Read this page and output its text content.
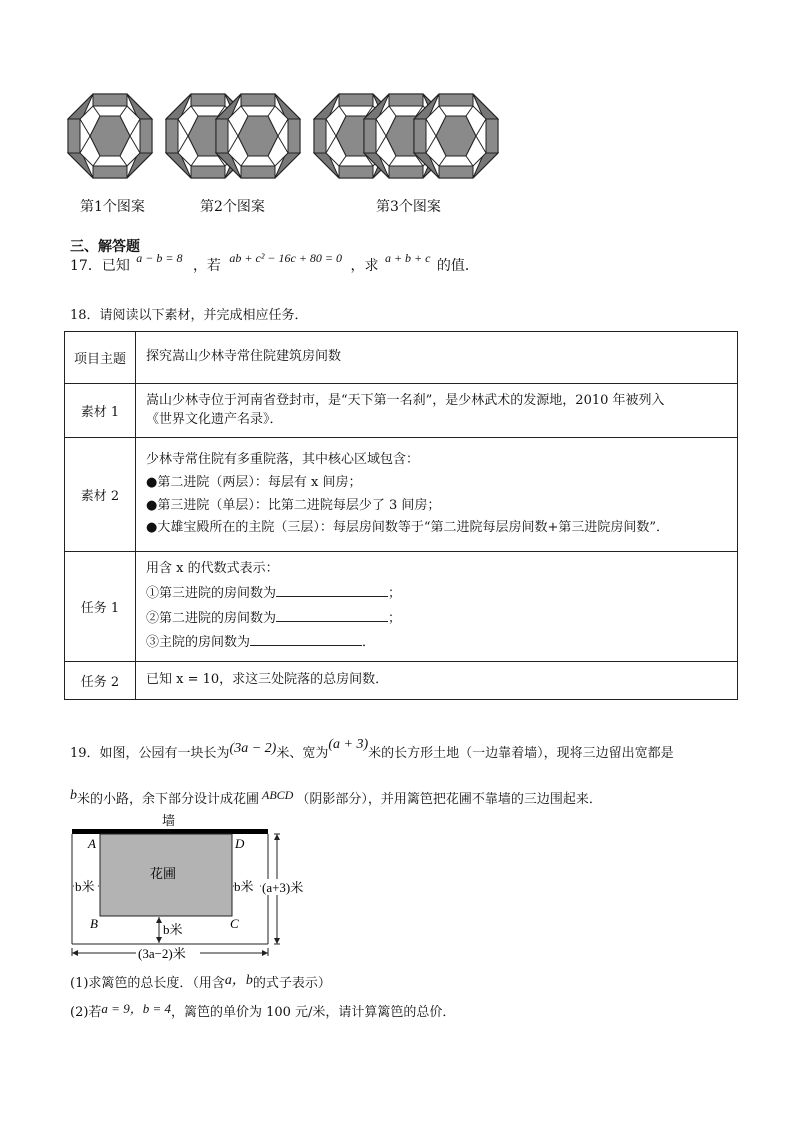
第1个图案	第2个图案	第3个图案
三、解答题
17．已知 a − b = 8 ，若 ab + c² − 16c + 80 = 0 ，求 a + b + c 的值．
18．请阅读以下素材，并完成相应任务．
项目主题	探究嵩山少林寺常住院建筑房间数

素材 1	嵩山少林寺位于河南省登封市，是“天下第一名刹”，是少林武术的发源地，2010 年被列入
《世界文化遗产名录》．

素材 2	少林寺常住院有多重院落，其中核心区域包含：
●第二进院（两层）：每层有 x 间房；
●第三进院（单层）：比第二进院每层少了 3 间房；
●大雄宝殿所在的主院（三层）：每层房间数等于“第二进院每层房间数+第三进院房间数”．

任务 1	用含 x 的代数式表示：
①第三进院的房间数为 ；
②第二进院的房间数为 ；
③主院的房间数为 ．

任务 2	已知 x = 10，求这三处院落的总房间数．
19．如图，公园有一块长为(3a − 2)米、宽为(a + 3)米的长方形土地（一边靠着墙），现将三边留出宽都是
b米的小路，余下部分设计成花圃 ABCD （阴影部分），并用篱笆把花圃不靠墙的三边围起来．
墙
花圃
A	D
B	C
b米	b米
b米
(a+3)米
(3a−2)米
(1)求篱笆的总长度．（用含a，b的式子表示）
(2)若a = 9，b = 4，篱笆的单价为 100 元/米，请计算篱笆的总价．
